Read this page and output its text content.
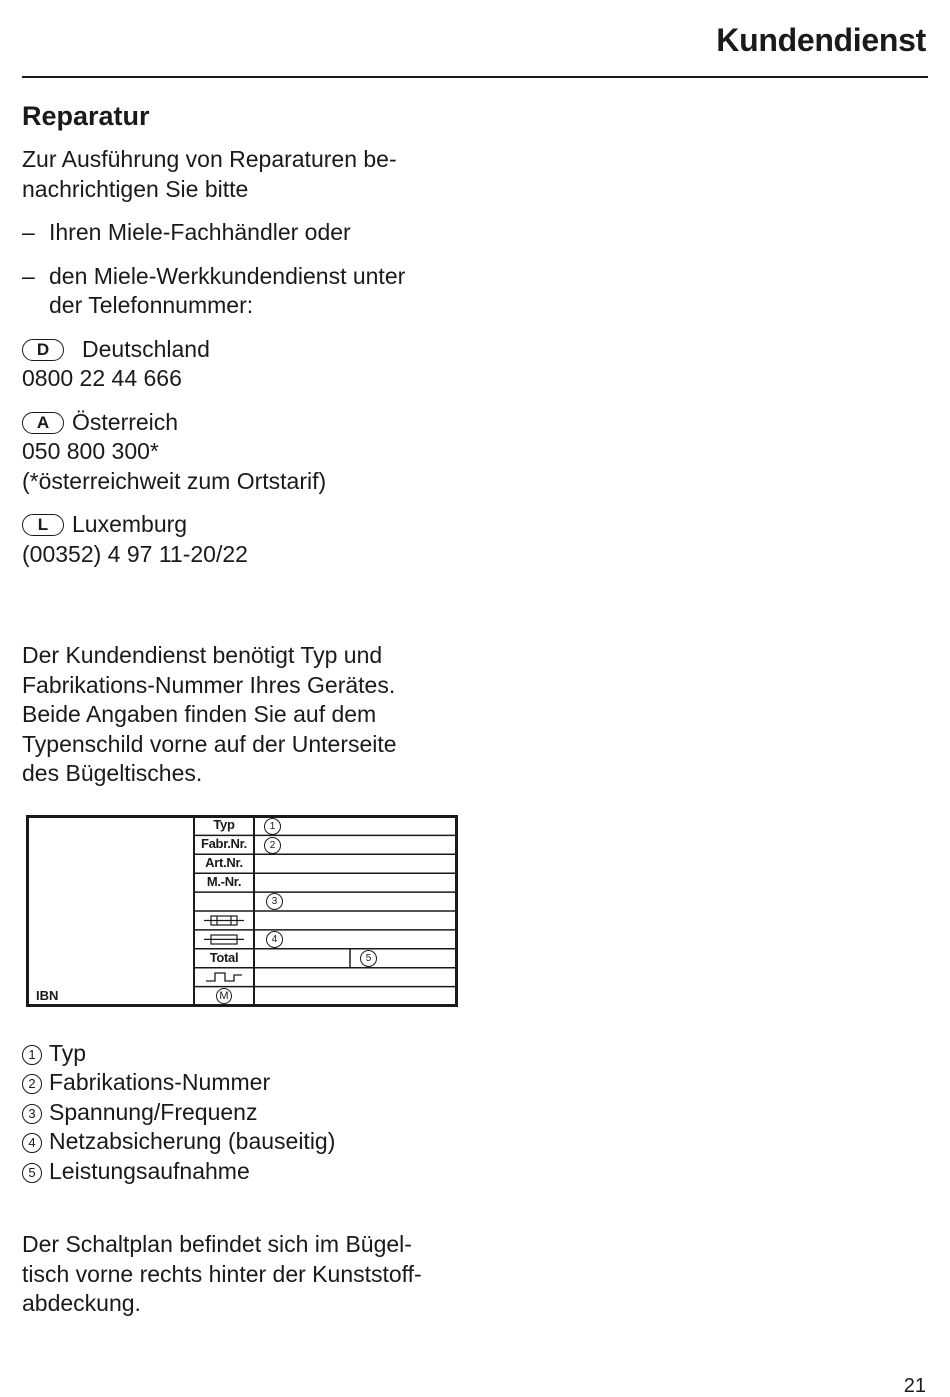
Kundendienst
Reparatur

Zur Ausführung von Reparaturen be-
nachrichtigen Sie bitte

– Ihren Miele-Fachhändler oder
– den Miele-Werkkundendienst unter
der Telefonnummer:
D Deutschland
0800 22 44 666
A Österreich
050 800 300*
(*österreichweit zum Ortstarif)
L Luxemburg
(00352) 4 97 11-20/22

Der Kundendienst benötigt Typ und
Fabrikations-Nummer Ihres Gerätes.
Beide Angaben finden Sie auf dem
Typenschild vorne auf der Unterseite
des Bügeltisches.

Typ
Fabr.Nr.
Art.Nr.
M.-Nr.
Total
M
IBN
1
2
3
4
5
1 Typ
2 Fabrikations-Nummer
3 Spannung/Frequenz
4 Netzabsicherung (bauseitig)
5 Leistungsaufnahme

Der Schaltplan befindet sich im Bügel-
tisch vorne rechts hinter der Kunststoff-
abdeckung.

21
